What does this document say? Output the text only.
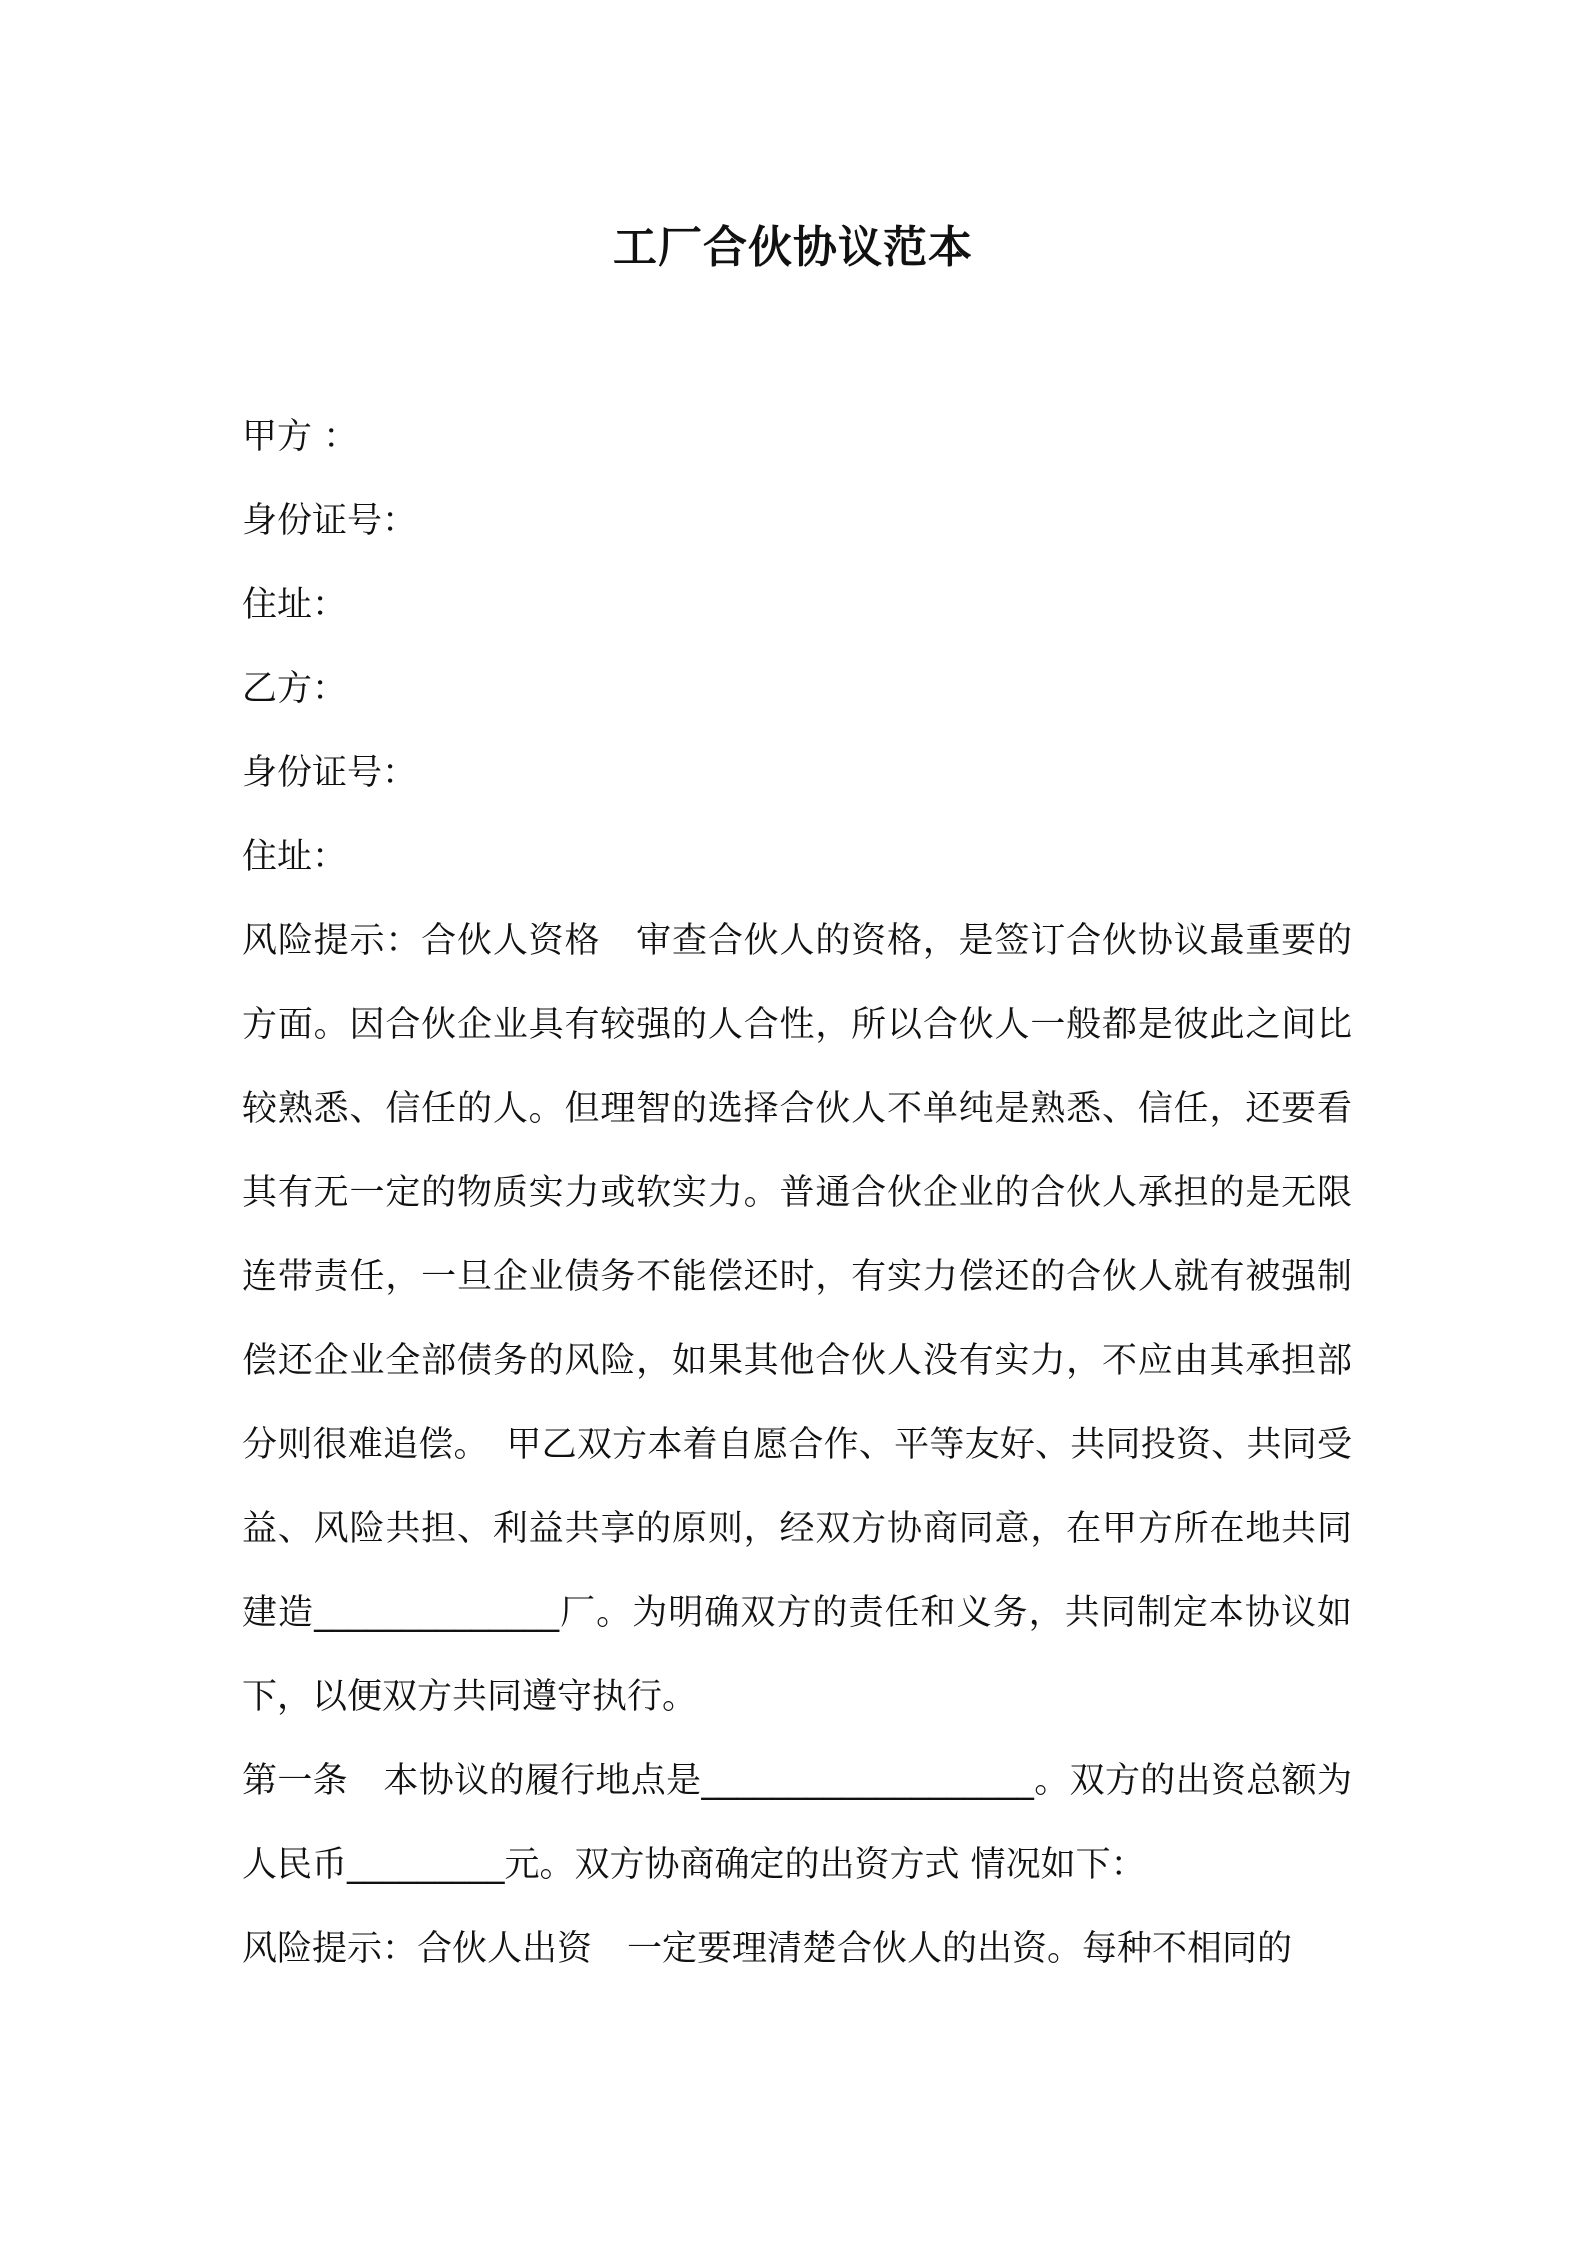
工厂合伙协议范本
甲方 ：
身份证号：
住址：
乙方：
身份证号：
住址：
风险提示：合伙人资格　审查合伙人的资格，是签订合伙协议最重要的方面。因合伙企业具有较强的人合性，所以合伙人一般都是彼此之间比较熟悉、信任的人。但理智的选择合伙人不单纯是熟悉、信任，还要看其有无一定的物质实力或软实力。普通合伙企业的合伙人承担的是无限连带责任，一旦企业债务不能偿还时，有实力偿还的合伙人就有被强制偿还企业全部债务的风险，如果其他合伙人没有实力，不应由其承担部分则很难追偿。　甲乙双方本着自愿合作、平等友好、共同投资、共同受益、风险共担、利益共享的原则，经双方协商同意，在甲方所在地共同建造______________厂。为明确双方的责任和义务，共同制定本协议如下，以便双方共同遵守执行。
第一条　本协议的履行地点是___________________。双方的出资总额为人民币_________元。双方协商确定的出资方式 情况如下：
风险提示：合伙人出资　一定要理清楚合伙人的出资。每种不相同的
